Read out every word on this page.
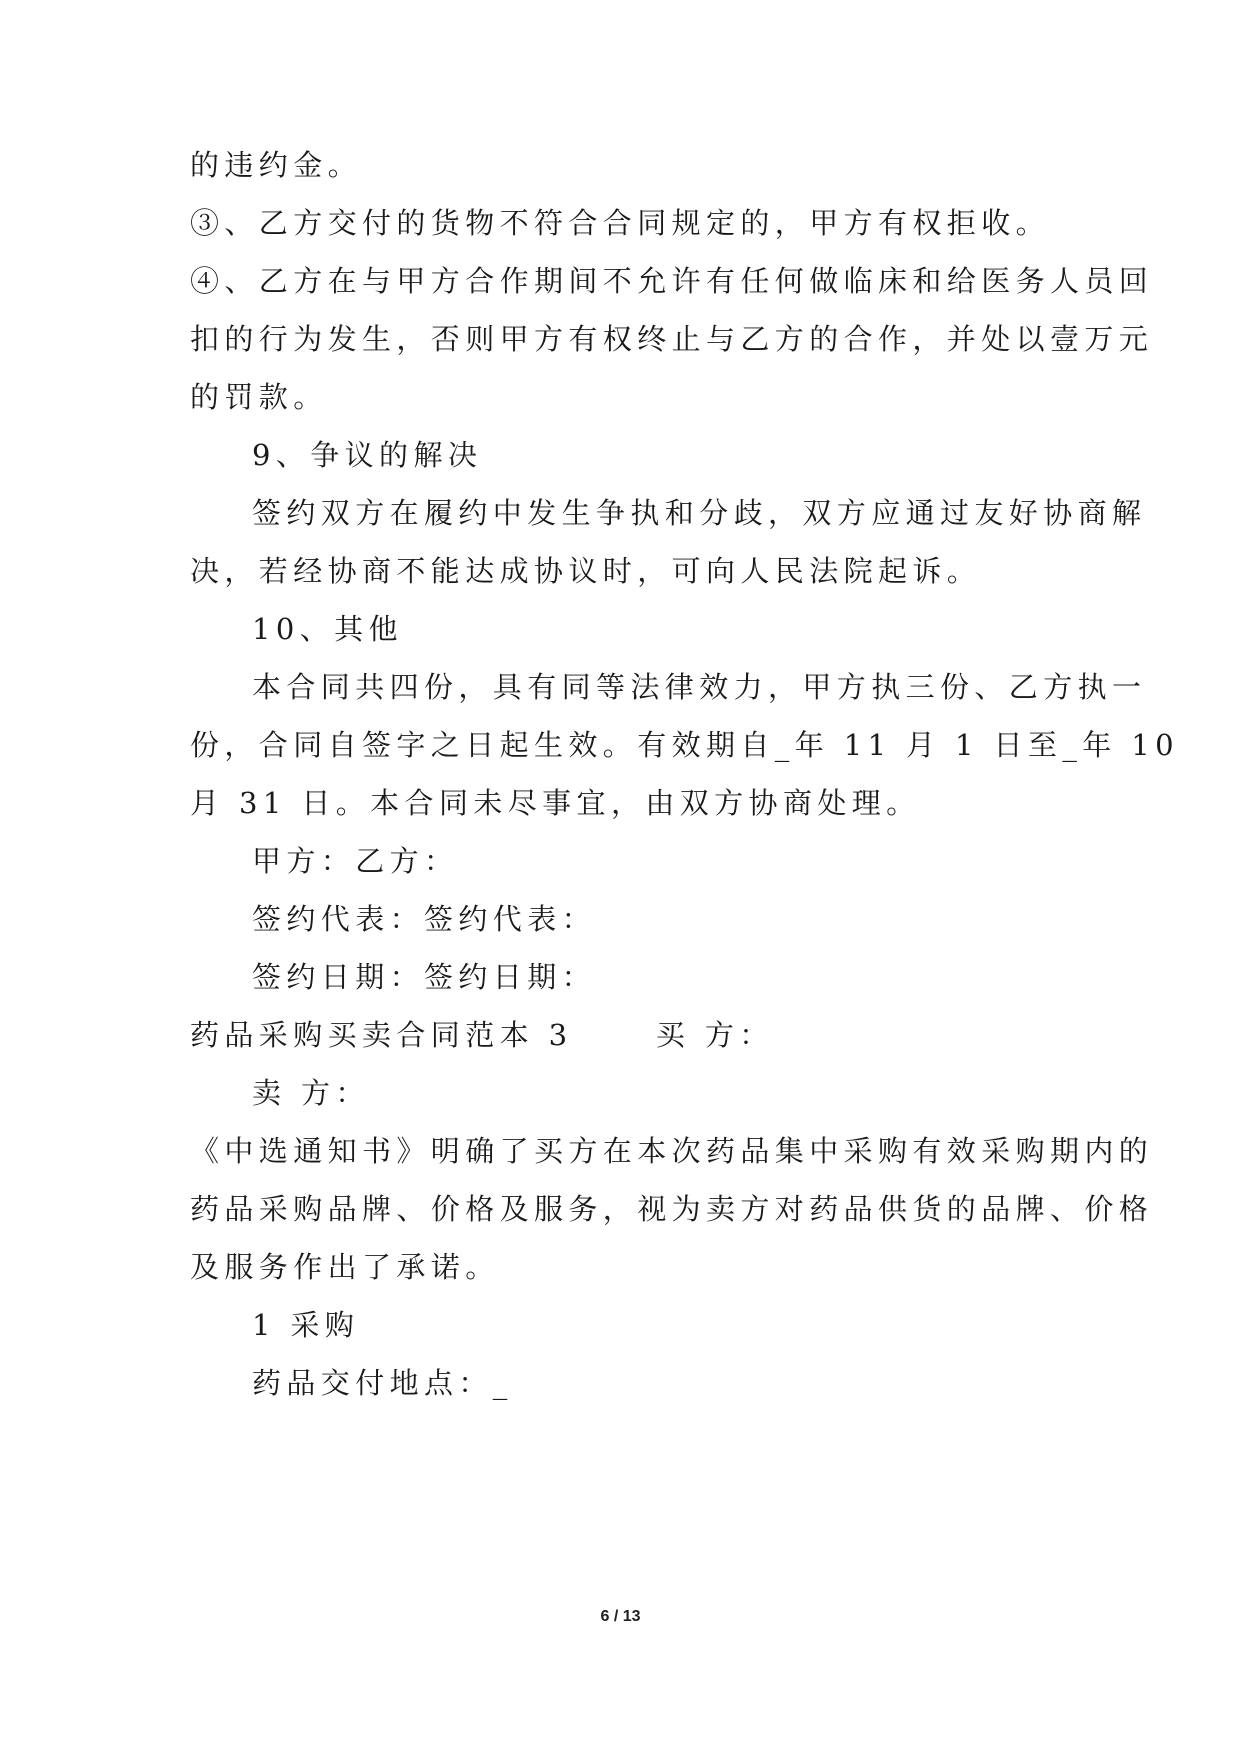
的违约金。
③、乙方交付的货物不符合合同规定的，甲方有权拒收。
④、乙方在与甲方合作期间不允许有任何做临床和给医务人员回
扣的行为发生，否则甲方有权终止与乙方的合作，并处以壹万元
的罚款。
9、争议的解决
签约双方在履约中发生争执和分歧，双方应通过友好协商解
决，若经协商不能达成协议时，可向人民法院起诉。
10、其他
本合同共四份，具有同等法律效力，甲方执三份、乙方执一
份，合同自签字之日起生效。有效期自_年 11 月 1 日至_年 10
月 31 日。本合同未尽事宜，由双方协商处理。
甲方：乙方：
签约代表：签约代表：
签约日期：签约日期：
药品采购买卖合同范本 3　　 买 方：
卖 方：
《中选通知书》明确了买方在本次药品集中采购有效采购期内的
药品采购品牌、价格及服务，视为卖方对药品供货的品牌、价格
及服务作出了承诺。
1 采购
药品交付地点：_
6 / 13
